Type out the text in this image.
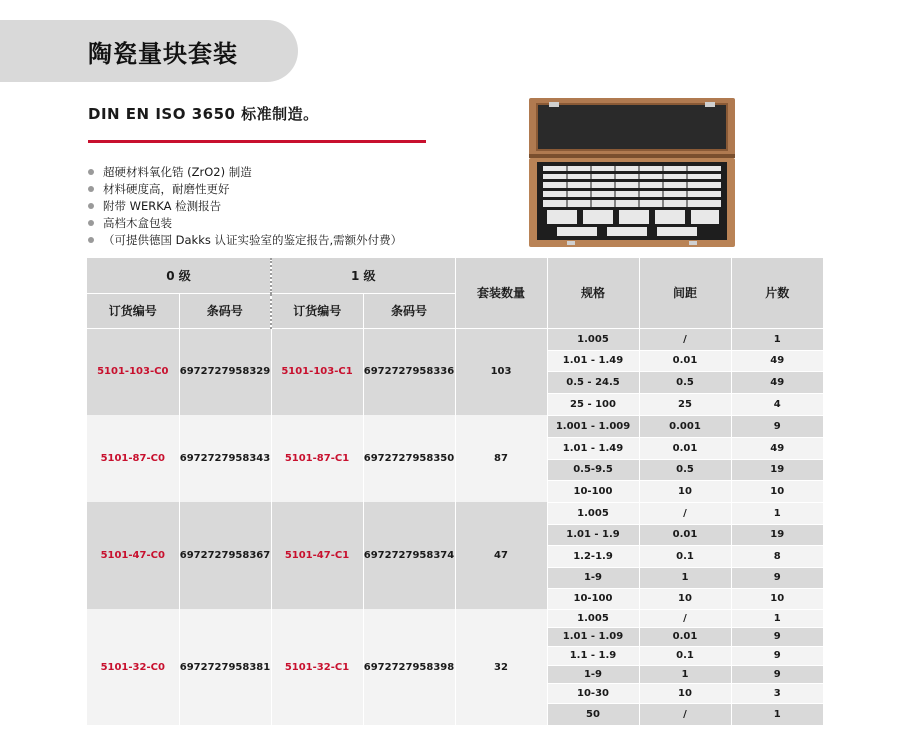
陶瓷量块套装
DIN EN ISO 3650 标准制造。
超硬材料氧化锆 (ZrO2) 制造
材料硬度高，耐磨性更好
附带 WERKA 检测报告
高档木盒包装
（可提供德国 Dakks 认证实验室的鉴定报告,需额外付费）
0 级		1 级		套装数量	规格	间距	片数
订货编号	条码号	订货编号	条码号				
5101-103-C0	6972727958329	5101-103-C1	6972727958336	103	1.005	/	1
					1.01 - 1.49	0.01	49
					0.5 - 24.5	0.5	49
					25 - 100	25	4
5101-87-C0	6972727958343	5101-87-C1	6972727958350	87	1.001 - 1.009	0.001	9
					1.01 - 1.49	0.01	49
					0.5-9.5	0.5	19
					10-100	10	10
5101-47-C0	6972727958367	5101-47-C1	6972727958374	47	1.005	/	1
					1.01 - 1.9	0.01	19
					1.2-1.9	0.1	8
					1-9	1	9
					10-100	10	10
5101-32-C0	6972727958381	5101-32-C1	6972727958398	32	1.005	/	1
					1.01 - 1.09	0.01	9
					1.1 - 1.9	0.1	9
					1-9	1	9
					10-30	10	3
					50	/	1
